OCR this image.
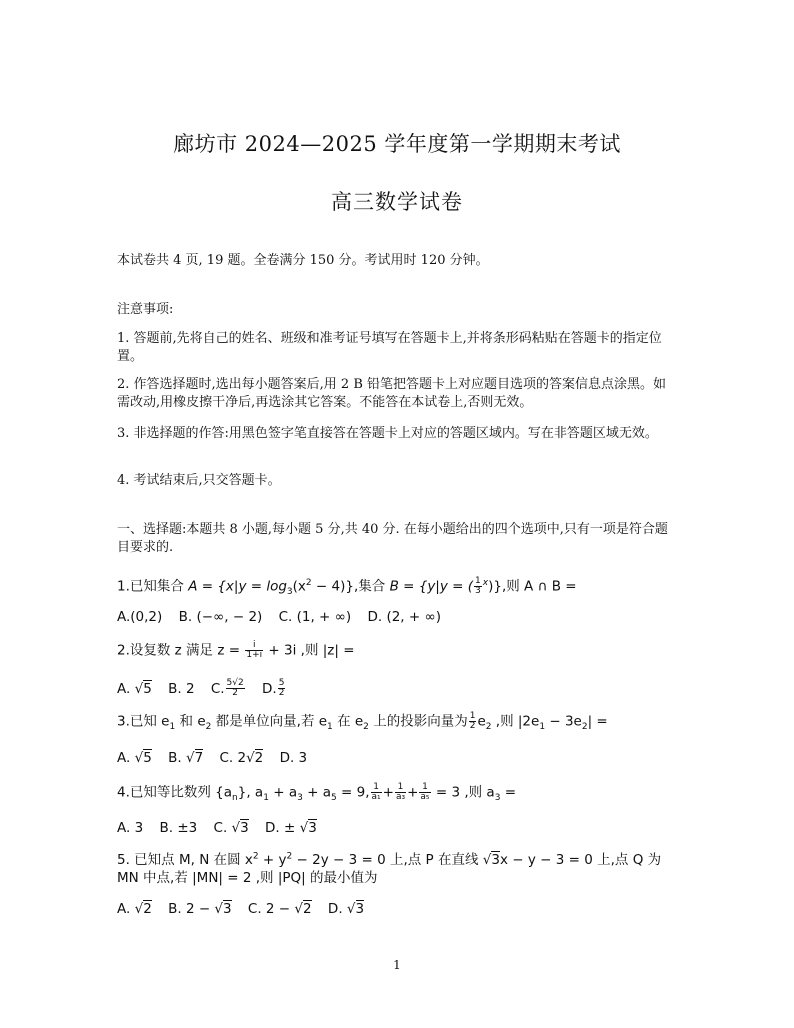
廊坊市 2024—2025 学年度第一学期期末考试
高三数学试卷
本试卷共 4 页, 19 题。全卷满分 150 分。考试用时 120 分钟。
注意事项:
1. 答题前,先将自己的姓名、班级和准考证号填写在答题卡上,并将条形码粘贴在答题卡的指定位置。
2. 作答选择题时,选出每小题答案后,用 2 B 铅笔把答题卡上对应题目选项的答案信息点涂黑。如需改动,用橡皮擦干净后,再选涂其它答案。不能答在本试卷上,否则无效。
3. 非选择题的作答:用黑色签字笔直接答在答题卡上对应的答题区域内。写在非答题区域无效。
4. 考试结束后,只交答题卡。
一、选择题:本题共 8 小题,每小题 5 分,共 40 分. 在每小题给出的四个选项中,只有一项是符合题目要求的.
1.已知集合 $A = \{x|y = \log_3(x^2 - 4)\}$,集合 B = {y|y = ( $\frac{1}{3} ^x$)},则 A ∩ B =
A.(0,2) B. (−∞, − 2) C. (1, + ∞) D. (2, + ∞)
2.设复数 z 满足 $z = \frac{i}{1+i} + 3i$ ,则 |z| =
A. √5 B. 2 C. $\frac{5√2}{2} D$. $\frac{5}{2}$
3.已知 $e_1$ 和 $e_2$ 都是单位向量,若 $e_1$ 在 $e_2$ 上的投影向量为 $\frac{1}{2} e_2$ ,则 $|2e_1 - 3e_2|$ =
A. √5 B. √7 C. 2√2 D. 3
4.已知等比数列 $\{a_n\}$, $a_1 + a_3 + a_5 = 9$, $\frac{1}{\text{a₁}} + \frac{1}{\text{a₃}} + \frac{1}{\text{a₅}} = 3$ ,则 $a_3$ =
A. 3 B. ±3 C. √3 D. ± √3
5. 已知点 M, N 在圆 $x^2 + y^2 - 2y - 3 = 0$ 上,点 P 在直线 √3x − y − 3 = 0 上,点 Q 为
MN 中点,若 |MN| = 2 ,则 |PQ| 的最小值为
A. √2 B. 2 − √3 C. 2 − √2 D. √3
1
